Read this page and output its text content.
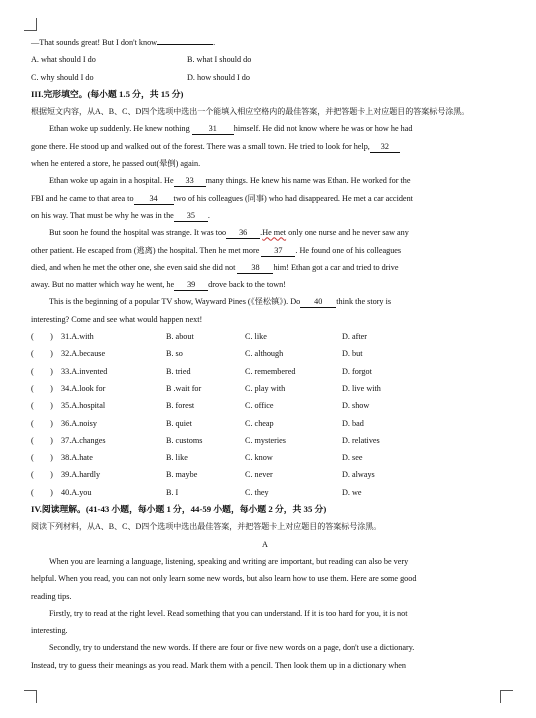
—That sounds great! But I don't know	.
A. what should I do	B. what I should do
C. why should I do	D. how should I do
III.完形填空。(每小题 1.5 分，共 15 分)
根据短文内容，从A、B、C、D四个选项中选出一个能填入相应空格内的最佳答案，并把答题卡上对应题目的答案标号涂黑。
Ethan woke up suddenly. He knew nothing 31 himself. He did not know where he was or how he had
gone there. He stood up and walked out of the forest. There was a small town. He tried to look for help, 32
when he entered a store, he passed out(晕倒) again.
Ethan woke up again in a hospital. He 33 many things. He knew his name was Ethan. He worked for the
FBI and he came to that area to 34 two of his colleagues (同事) who had disappeared. He met a car accident
on his way. That must be why he was in the 35 .
But soon he found the hospital was strange. It was too 36 .He met only one nurse and he never saw any
other patient. He escaped from (逃离) the hospital. Then he met more 37 . He found one of his colleagues
died, and when he met the other one, she even said she did not 38 him! Ethan got a car and tried to drive
away. But no matter which way he went, he 39 drove back to the town!
This is the beginning of a popular TV show, Wayward Pines (《怪松镇》). Do 40 think the story is
interesting? Come and see what would happen next!
(　　) 31.A.with	B. about	C. like	D. after
(　　) 32.A.because	B. so	C. although	D. but
(　　) 33.A.invented	B. tried	C. remembered	D. forgot
(　　) 34.A.look for	B .wait for	C. play with	D. live with
(　　) 35.A.hospital	B. forest	C. office	D. show
(　　) 36.A.noisy	B. quiet	C. cheap	D. bad
(　　) 37.A.changes	B. customs	C. mysteries	D. relatives
(　　) 38.A.hate	B. like	C. know	D. see
(　　) 39.A.hardly	B. maybe	C. never	D. always
(　　) 40.A.you	B. I	C. they	D. we
IV.阅读理解。(41-43 小题，每小题 1 分，44-59 小题，每小题 2 分，共 35 分)
阅读下列材料，从A、B、C、D四个选项中选出最佳答案，并把答题卡上对应题目的答案标号涂黑。
A
When you are learning a language, listening, speaking and writing are important, but reading can also be very
helpful. When you read, you can not only learn some new words, but also learn how to use them. Here are some good
reading tips.
Firstly, try to read at the right level. Read something that you can understand. If it is too hard for you, it is not
interesting.
Secondly, try to understand the new words. If there are four or five new words on a page, don't use a dictionary.
Instead, try to guess their meanings as you read. Mark them with a pencil. Then look them up in a dictionary when
